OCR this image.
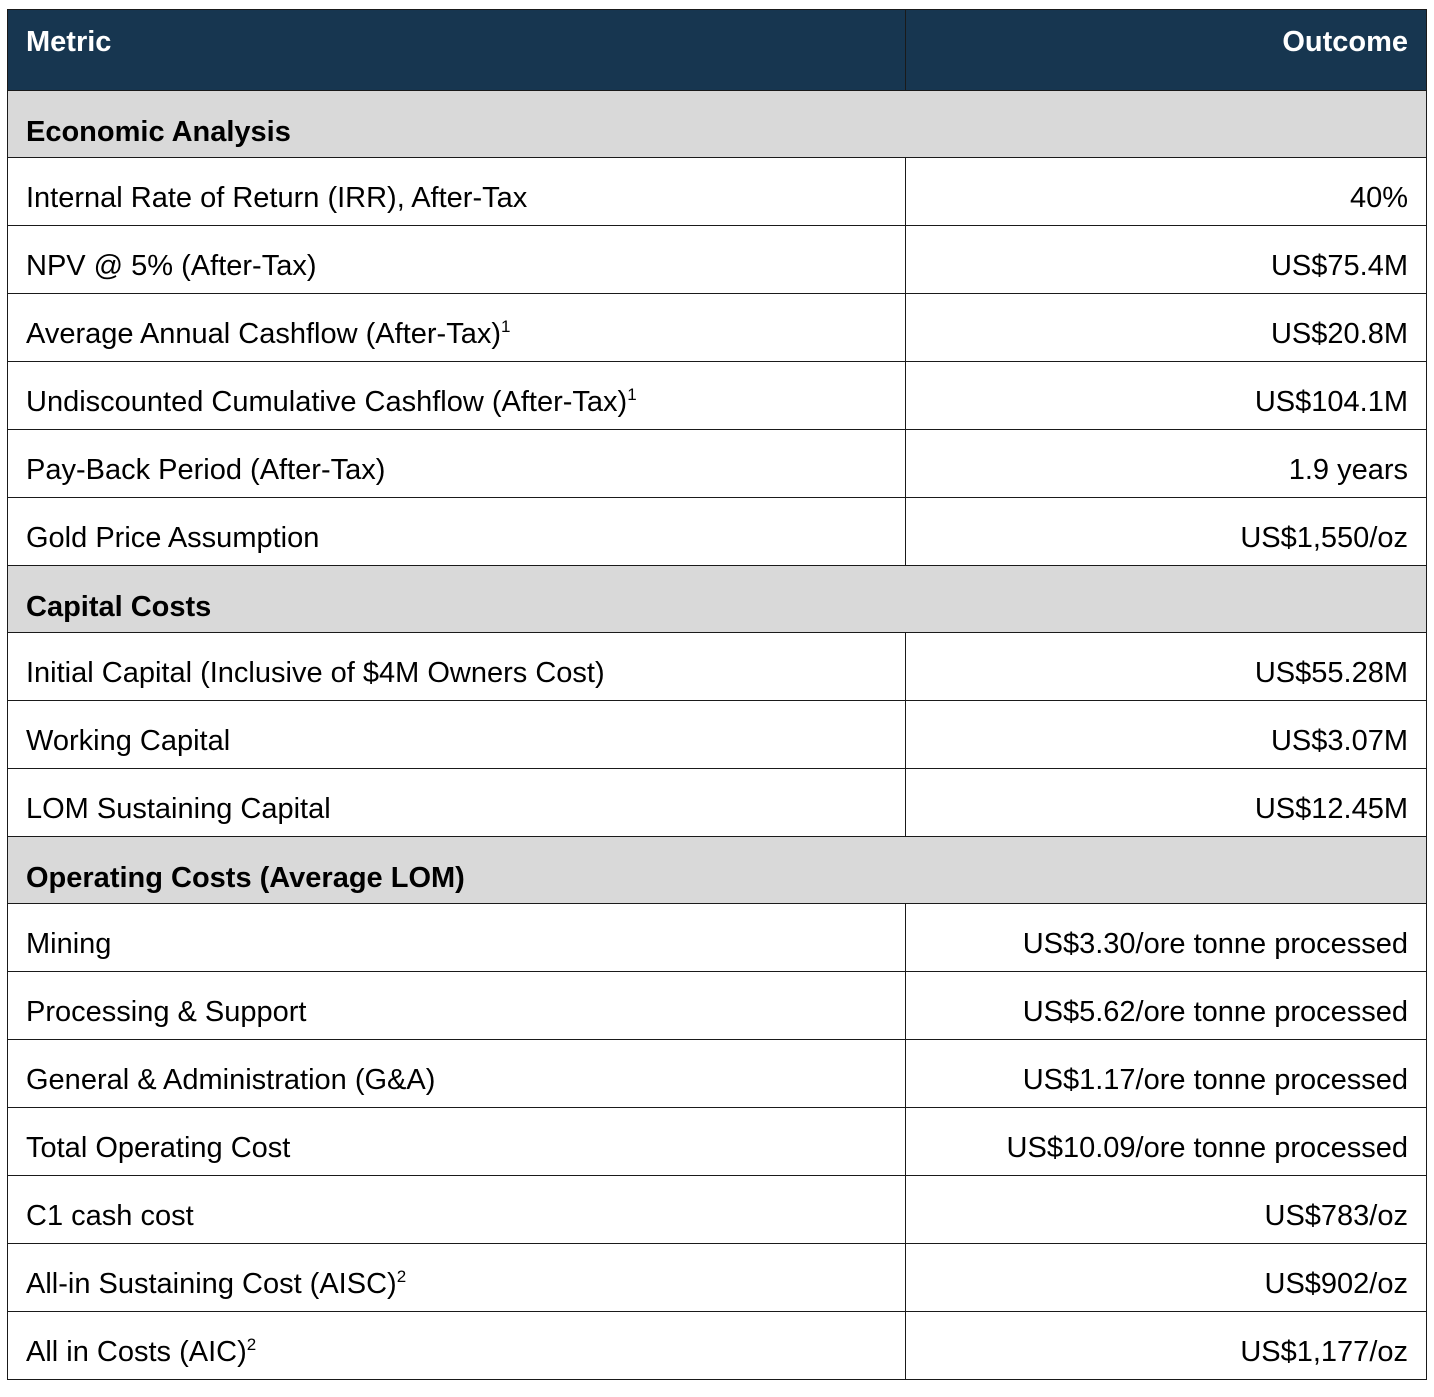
Metric	Outcome
Economic Analysis	
Internal Rate of Return (IRR), After-Tax	40%
NPV @ 5% (After-Tax)	US$75.4M
Average Annual Cashflow (After-Tax)$^1$	US$20.8M
Undiscounted Cumulative Cashflow (After-Tax)$^1$	US$104.1M
Pay-Back Period (After-Tax)	1.9 years
Gold Price Assumption	US$1,550/oz
Capital Costs	
Initial Capital (Inclusive of $4M Owners Cost)	US$55.28M
Working Capital	US$3.07M
LOM Sustaining Capital	US$12.45M
Operating Costs (Average LOM)	
Mining	US$3.30/ore tonne processed
Processing & Support	US$5.62/ore tonne processed
General & Administration (G&A)	US$1.17/ore tonne processed
Total Operating Cost	US$10.09/ore tonne processed
C1 cash cost	US$783/oz
All-in Sustaining Cost (AISC)$^2$	US$902/oz
All in Costs (AIC)$^2$	US$1,177/oz
